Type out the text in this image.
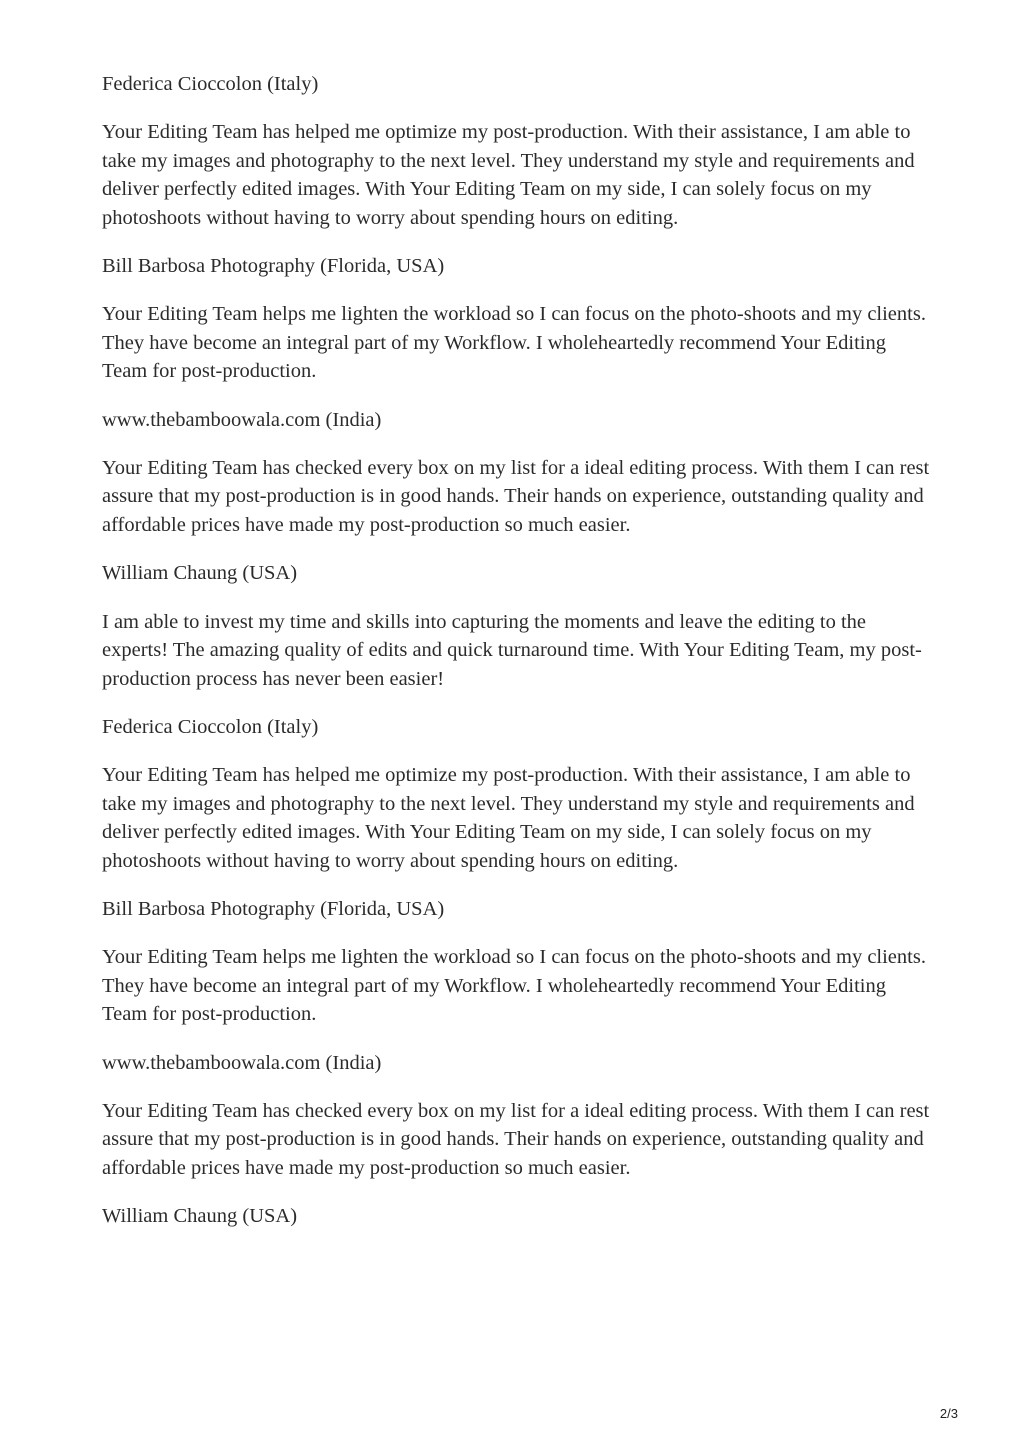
Federica Cioccolon (Italy)

Your Editing Team has helped me optimize my post-production. With their assistance, I am able to take my images and photography to the next level. They understand my style and requirements and deliver perfectly edited images. With Your Editing Team on my side, I can solely focus on my photoshoots without having to worry about spending hours on editing.

Bill Barbosa Photography (Florida, USA)

Your Editing Team helps me lighten the workload so I can focus on the photo-shoots and my clients. They have become an integral part of my Workflow. I wholeheartedly recommend Your Editing Team for post-production.

www.thebamboowala.com (India)

Your Editing Team has checked every box on my list for a ideal editing process. With them I can rest assure that my post-production is in good hands. Their hands on experience, outstanding quality and affordable prices have made my post-production so much easier.

William Chaung (USA)

I am able to invest my time and skills into capturing the moments and leave the editing to the experts! The amazing quality of edits and quick turnaround time. With Your Editing Team, my post-production process has never been easier!

Federica Cioccolon (Italy)

Your Editing Team has helped me optimize my post-production. With their assistance, I am able to take my images and photography to the next level. They understand my style and requirements and deliver perfectly edited images. With Your Editing Team on my side, I can solely focus on my photoshoots without having to worry about spending hours on editing.

Bill Barbosa Photography (Florida, USA)

Your Editing Team helps me lighten the workload so I can focus on the photo-shoots and my clients. They have become an integral part of my Workflow. I wholeheartedly recommend Your Editing Team for post-production.

www.thebamboowala.com (India)

Your Editing Team has checked every box on my list for a ideal editing process. With them I can rest assure that my post-production is in good hands. Their hands on experience, outstanding quality and affordable prices have made my post-production so much easier.

William Chaung (USA)

2/3
